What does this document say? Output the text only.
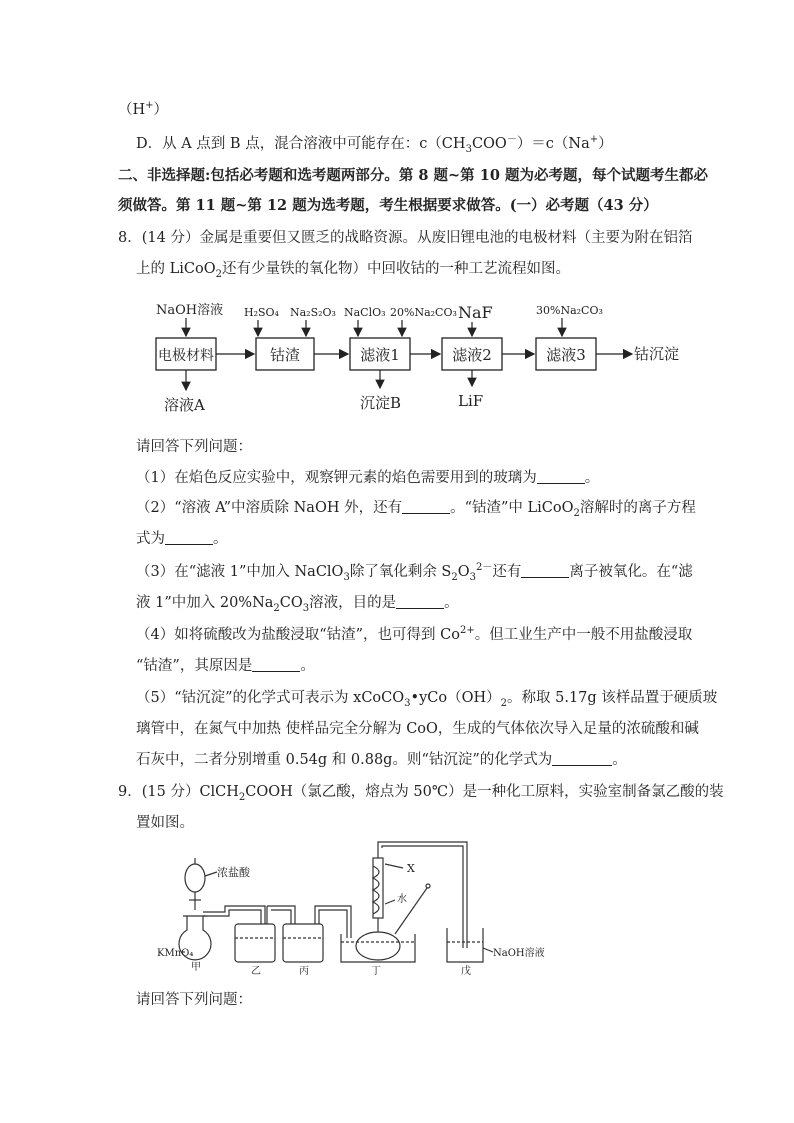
（H+）
D．从 A 点到 B 点，混合溶液中可能存在：$c(CH_3COO^-)=c(Na^+)$
二、非选择题:包括必考题和选考题两部分。第 8 题~第 10 题为必考题，每个试题考生都必
须做答。第 11 题~第 12 题为选考题，考生根据要求做答。(一）必考题（43 分）
8．(14 分）金属是重要但又匮乏的战略资源。从废旧锂电池的电极材料（主要为附在铝箔
上的 LiCoO$_2$还有少量铁的氧化物）中回收钴的一种工艺流程如图。
电极材料	钴渣	滤液1	滤液2	滤液3	钴沉淀
NaOH溶液 H₂SO₄ Na₂S₂O₃ NaClO₃ 20%Na₂CO₃ NaF	30%Na₂CO₃
溶液A	沉淀B	LiF
请回答下列问题：
（1）在焰色反应实验中，观察钾元素的焰色需要用到的玻璃为	。
（2）“溶液 A”中溶质除 NaOH 外，还有	。“钴渣”中 LiCoO$_2$溶解时的离子方程
式为	。
（3）在“滤液 1”中加入 NaClO$_3$除了氧化剩余 $S_2O_3^{2-}$还有	离子被氧化。在“滤
液 1”中加入 $20\%Na_2CO_3$溶液，目的是	。
（4）如将硫酸改为盐酸浸取“钴渣”，也可得到 $Co^{2+}$。但工业生产中一般不用盐酸浸取
“钴渣”，其原因是	。
（5）“钴沉淀”的化学式可表示为 $xCoCO_3•yCo(OH)_2$。称取 5.17g 该样品置于硬质玻
璃管中，在氮气中加热 使样品完全分解为 CoO，生成的气体依次导入足量的浓硫酸和碱
石灰中，二者分别增重 0.54g 和 0.88g。则“钴沉淀”的化学式为	。
9．(15 分）ClCH$_2$COOH（氯乙酸，熔点为 50℃）是一种化工原料，实验室制备氯乙酸的装
置如图。
浓盐酸
KMnO₄
X
水
NaOH溶液
甲	乙	丙	丁	戊
请回答下列问题：
